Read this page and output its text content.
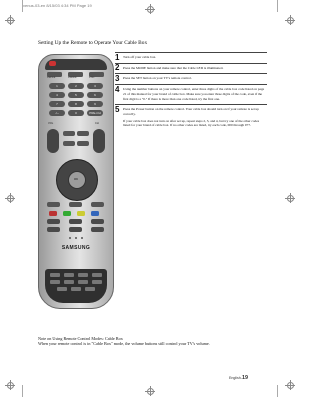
venus-03-en 8/15/03 4:34 PM Page 19
Setting Up the Remote to Operate Your Cable Box
1 Turn off your cable box.
2 Press the MODE button and make sure that the Cable LED is illuminated.
3 Press the SET button on your TV's remote control.
4 Using the number buttons on your remote control, enter three digits of the cable box code listed on page 21 of this manual for your brand of cable box. Make sure you enter three digits of the code, even if the first digit is a "0." If there is more than one code listed, try the first one.
5 Press the Power button on the remote control. Your cable box should turn on if your remote is set up correctly.
If your cable box does not turn on after set up, repeat steps 2, 3, and 4, but try one of the other codes listed for your brand of cable box. If no other codes are listed, try each code, 000 through 077.
P.MODE	S.MODE	STILL
1	2	3
4	5	6
7	8	9
-/--	0	PRE-CH
VOL	CH
OK
SAMSUNG
Note on Using Remote Control Modes: Cable Box
When your remote control is in "Cable Box" mode, the volume buttons still control your TV's volume.
English-19
